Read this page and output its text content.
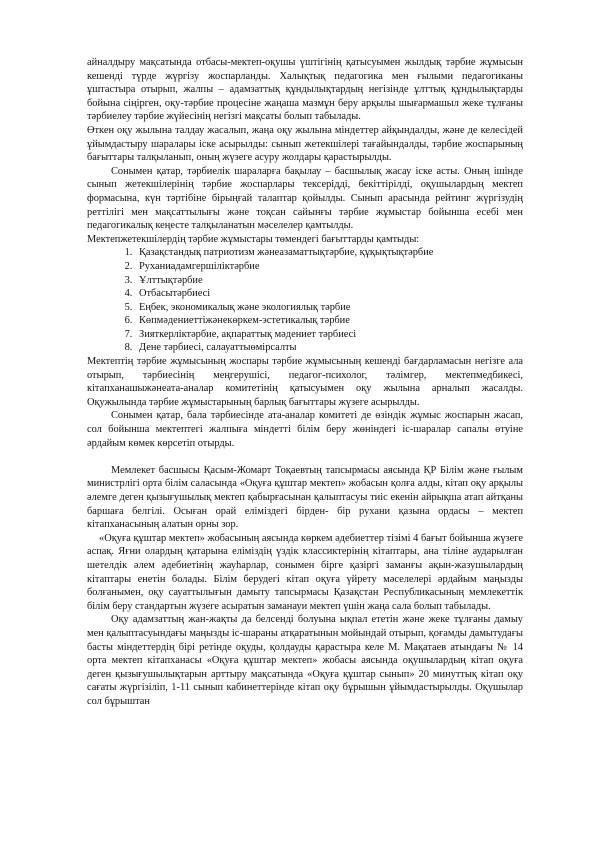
айналдыру мақсатында отбасы-мектеп-оқушы үштігінің қатысуымен жылдық тәрбие жұмысын кешенді түрде жүргізу жоспарланды. Халықтық педагогика мен ғылыми педагогиканы ұштастыра отырып, жалпы – адамзаттық құндылықтардың негізінде ұлттық құндылықтарды бойына сіңірген, оқу-тәрбие процесіне жаңаша мазмұн беру арқылы шығармашыл жеке тұлғаны тәрбиелеу тәрбие жүйесінің негізгі мақсаты болып табылады.

Өткен оқу жылына талдау жасалып, жаңа оқу жылына міндеттер айқындалды, және де келесідей ұйымдастыру шаралары іске асырылды: сынып жетекшілері тағайындалды, тәрбие жоспарының бағыттары талқыланып, оның жүзеге асуру жолдары қарастырылды.

Сонымен қатар, тәрбиелік шараларға бақылау – басшылық жасау іске асты. Оның ішінде сынып жетекшілерінің тәрбие жоспарлары тексерідді, бекіттірілді, оқушылардың мектеп формасына, күн тәртібіне бірыңғай талаптар қойылды. Сынып арасында рейтинг жүргізудің реттілігі мен мақсаттылығы және тоқсан сайынғы тәрбие жұмыстар бойынша есебі мен педагогикалық кеңесте талқыланатын мәселелер қамтылды.

Мектепжетекшілердің тәрбие жұмыстары төмендегі бағыттарды қамтыды:

1. Қазақстандық патриотизм жәнеазаматтықтәрбие, құқықтықтәрбие
2. Руханиадамгершіліктәрбие
3. Ұлттықтәрбие
4. Отбасытәрбиесі
5. Еңбек, экономикалық және экологиялық тәрбие
6. Көпмәдениеттіжәнекөркем-эстетикалық тәрбие
7. Зияткерліктәрбие, ақпараттық мәдениет тәрбиесі
8. Дене тәрбиесі, салауаттыөмірсалты

Мектептің тәрбие жұмысының жоспары тәрбие жұмысының кешенді бағдарламасын негізге ала отырып, тәрбиесінің меңгерушісі, педагог-психолог, тәлімгер, мектепмедбикесі, кітапханашыжәнеата-аналар комитетінің қатысуымен оқу жылына арналып жасалды. Оқужылында тәрбие жұмыстарының барлық бағыттары жүзеге асырылды.

Сонымен қатар, бала тәрбиесінде ата-аналар комитеті де өзіндік жұмыс жоспарын жасап, сол бойынша мектептегі жалпыға міндетті білім беру жөніндегі іс-шаралар сапалы өтуіне әрдайым көмек көрсетіп отырды.

Мемлекет басшысы Қасым-Жомарт Тоқаевтың тапсырмасы аясында ҚР Білім және ғылым министрлігі орта білім саласында «Оқуға құштар мектеп» жобасын қолға алды, кітап оқу арқылы әлемге деген қызығушылық мектеп қабырғасынан қалыптасуы тиіс екенін айрықша атап айтқаны баршаға белгілі. Осыған орай еліміздегі бірден- бір рухани қазына ордасы – мектеп кітапханасының алатын орны зор.

«Оқуға құштар мектеп» жобасының аясында көркем әдебиеттер тізімі 4 бағыт бойынша жүзеге аспақ. Яғни олардың қатарына еліміздің үздік классиктерінің кітаптары, ана тіліне аударылған шетелдік әлем әдебиетінің жауһарлар, сонымен бірге қазіргі заманғы ақын-жазушылардың кітаптары енетін болады. Білім берудегі кітап оқуға үйрету мәселелері әрдайым маңызды болғанымен, оқу сауаттылығын дамыту тапсырмасы Қазақстан Республикасының мемлекеттік білім беру стандартын жүзеге асыратын заманауи мектеп үшін жаңа сала болып табылады.

Оқу адамзаттың жан-жақты да белсенді болуына ықпал ететін және жеке тұлғаны дамыу мен қалыптасуындағы маңызды іс-шараны атқаратынын мойындай отырып, қоғамды дамытудағы басты міндеттердің бірі ретінде оқуды, қолдауды қарастыра келе М. Мақатаев атындағы № 14 орта мектеп кітапханасы «Оқуға құштар мектеп» жобасы аясында оқушылардың кітап оқуға деген қызығушылықтарын арттыру мақсатында «Оқуға құштар сынып» 20 минуттық кітап оқу сағаты жүргізіліп, 1-11 сынып кабинеттерінде кітап оқу бұрышын ұйымдастырылды. Оқушылар сол бұрыштан
